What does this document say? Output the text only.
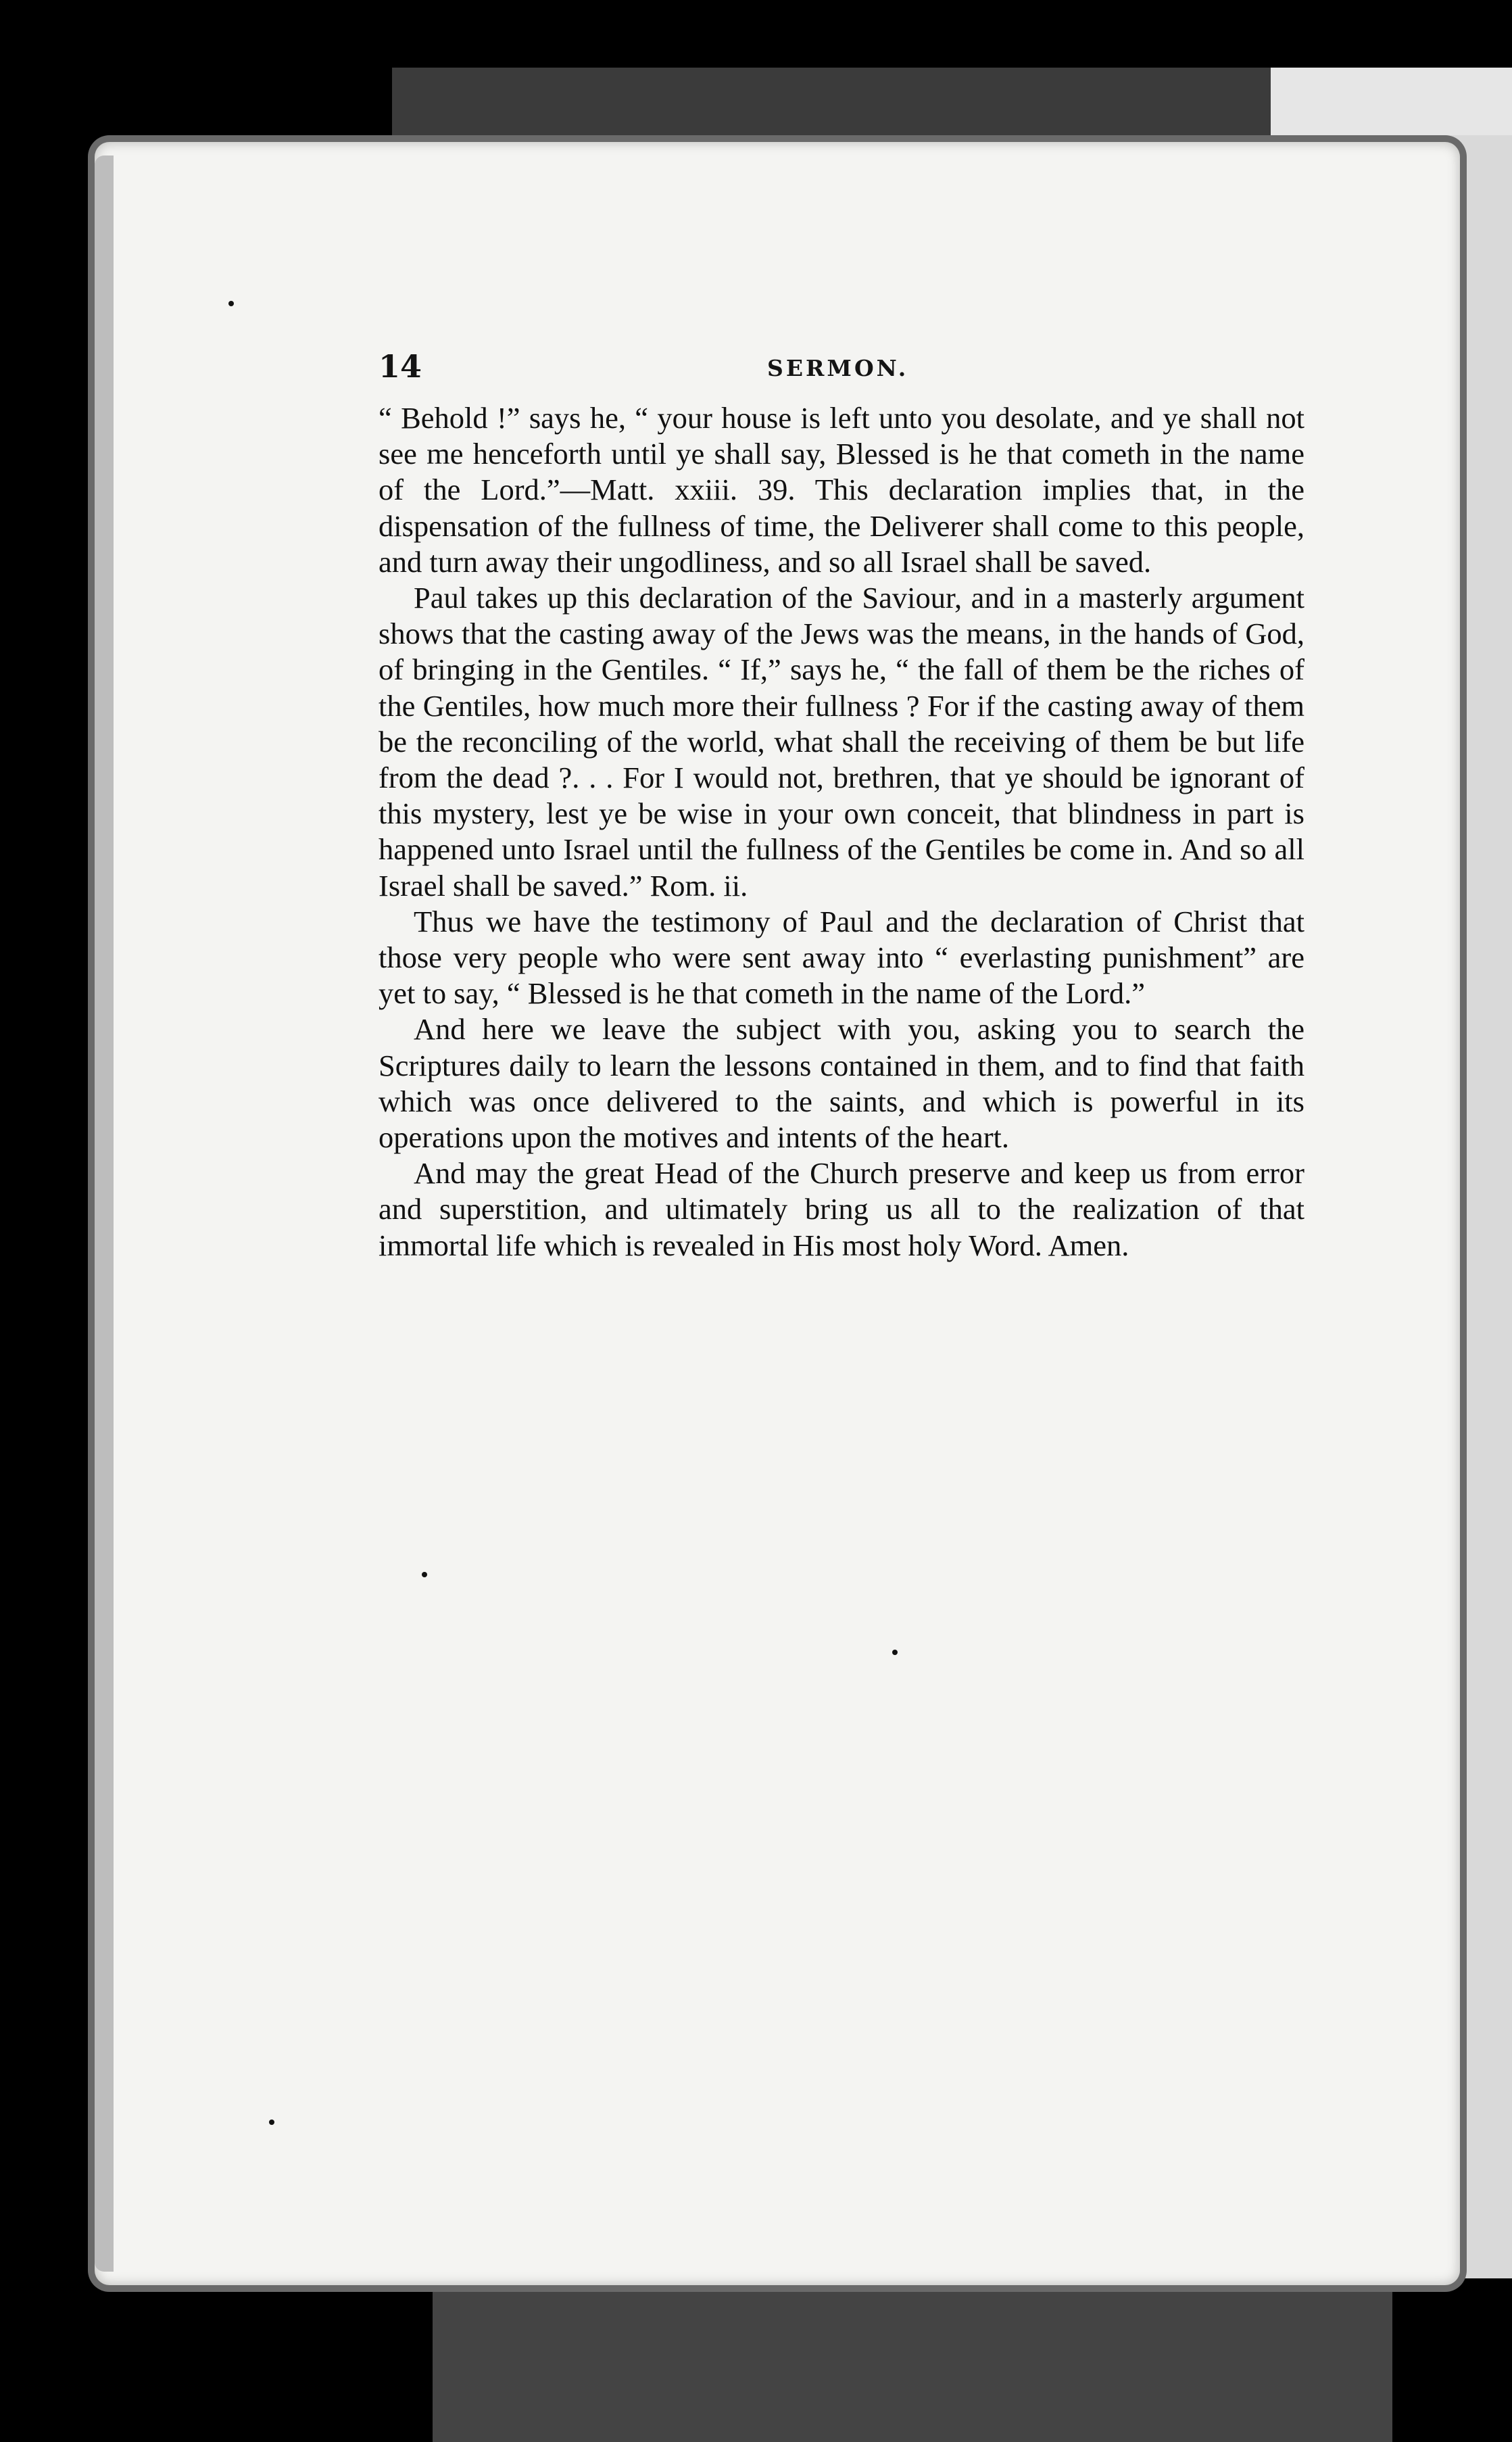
14	SERMON.

“ Behold !” says he, “ your house is left unto you desolate, and ye shall not see me henceforth until ye shall say, Blessed is he that cometh in the name of the Lord.”—Matt. xxiii. 39. This declaration implies that, in the dispensation of the fullness of time, the Deliverer shall come to this people, and turn away their ungodliness, and so all Israel shall be saved.

Paul takes up this declaration of the Saviour, and in a masterly argument shows that the casting away of the Jews was the means, in the hands of God, of bringing in the Gentiles. “ If,” says he, “ the fall of them be the riches of the Gentiles, how much more their fullness ? For if the casting away of them be the reconciling of the world, what shall the receiving of them be but life from the dead ?. . . For I would not, brethren, that ye should be ignorant of this mystery, lest ye be wise in your own conceit, that blindness in part is happened unto Israel until the fullness of the Gentiles be come in. And so all Israel shall be saved.” Rom. ii.

Thus we have the testimony of Paul and the declaration of Christ that those very people who were sent away into “ everlasting punishment” are yet to say, “ Blessed is he that cometh in the name of the Lord.”

And here we leave the subject with you, asking you to search the Scriptures daily to learn the lessons contained in them, and to find that faith which was once delivered to the saints, and which is powerful in its operations upon the motives and intents of the heart.

And may the great Head of the Church preserve and keep us from error and superstition, and ultimately bring us all to the realization of that immortal life which is revealed in His most holy Word. Amen.
